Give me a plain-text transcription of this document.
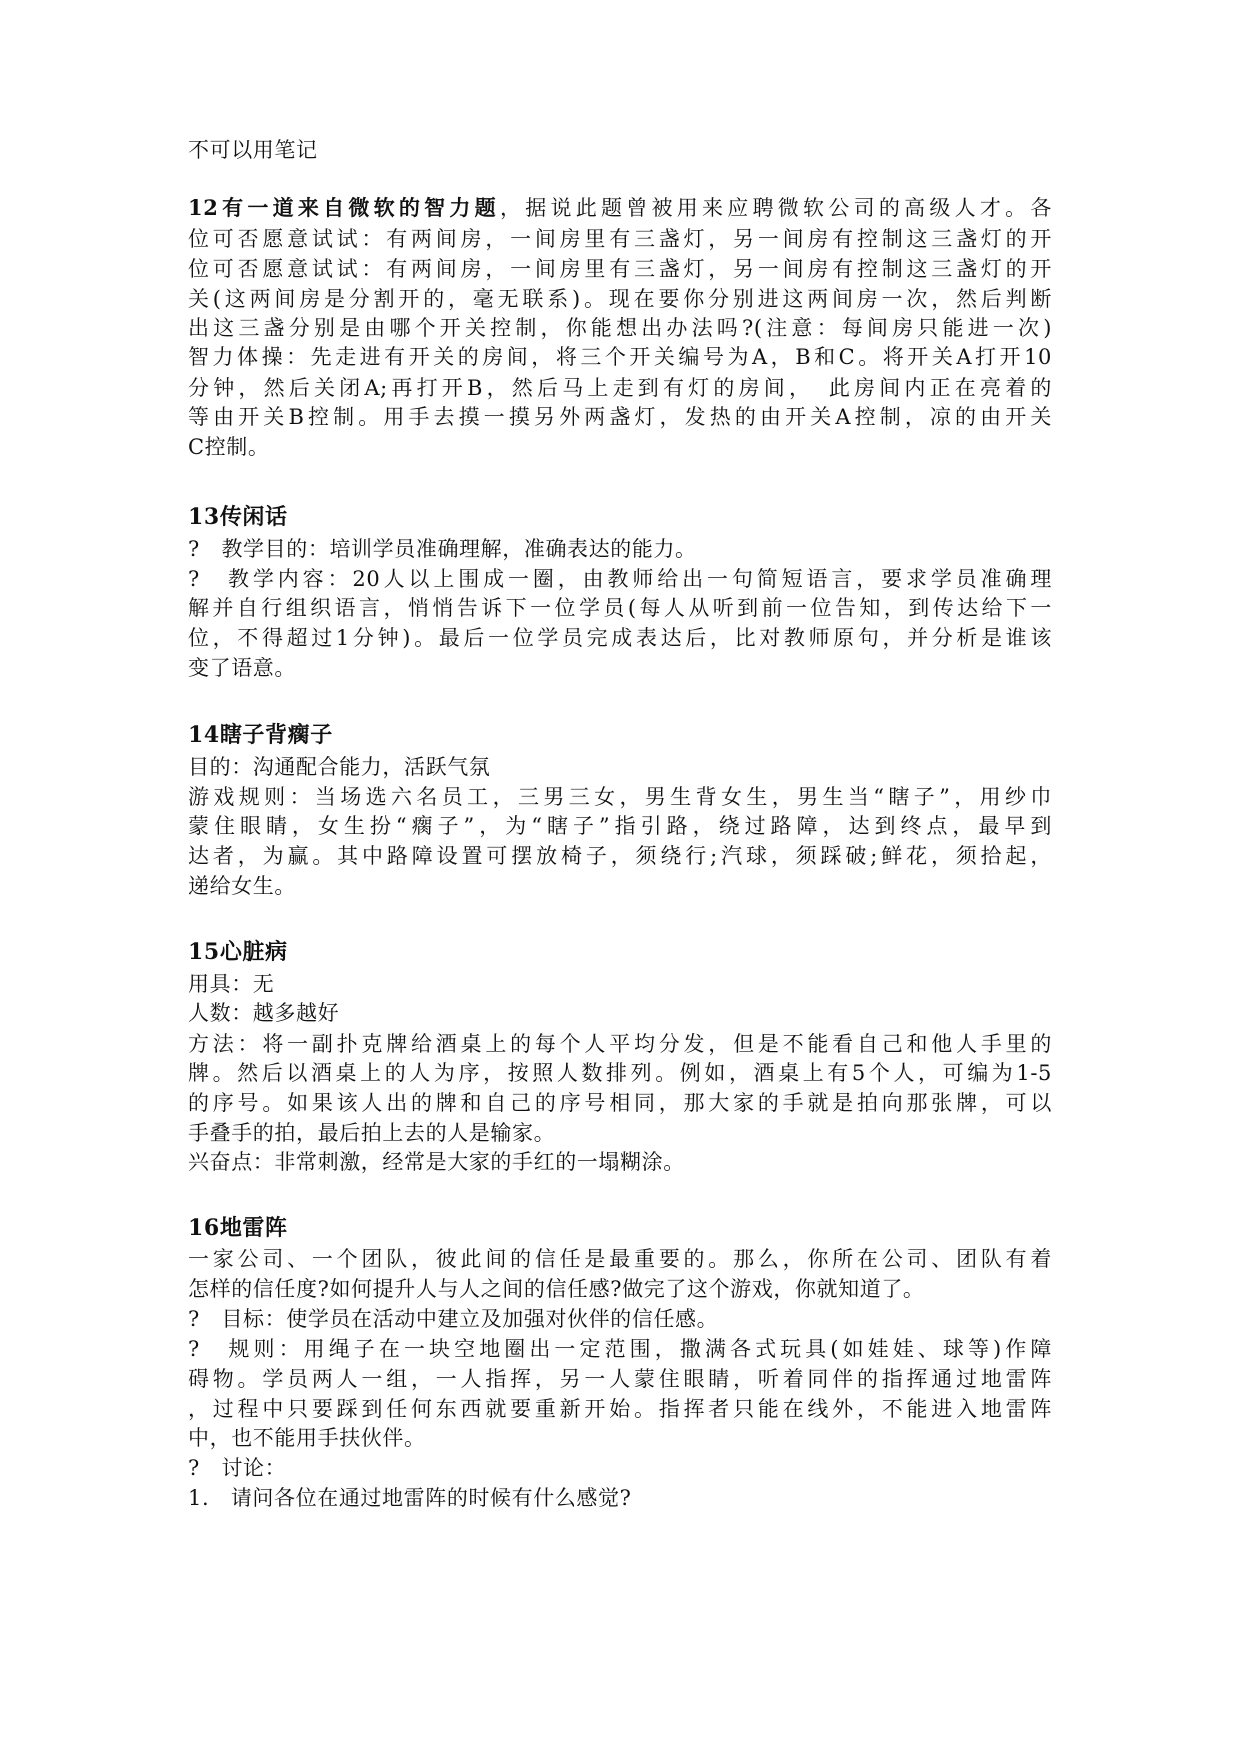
不可以用笔记
12有一道来自微软的智力题，据说此题曾被用来应聘微软公司的高级人才。各
位可否愿意试试：有两间房，一间房里有三盏灯，另一间房有控制这三盏灯的开
位可否愿意试试：有两间房，一间房里有三盏灯，另一间房有控制这三盏灯的开
关(这两间房是分割开的，毫无联系)。现在要你分别进这两间房一次，然后判断
出这三盏分别是由哪个开关控制，你能想出办法吗?(注意：每间房只能进一次)
智力体操：先走进有开关的房间，将三个开关编号为A，B和C。将开关A打开10
分钟，然后关闭A;再打开B，然后马上走到有灯的房间，　此房间内正在亮着的
等由开关B控制。用手去摸一摸另外两盏灯，发热的由开关A控制，凉的由开关
C控制。
13传闲话
?　教学目的：培训学员准确理解，准确表达的能力。
?　教学内容：20人以上围成一圈，由教师给出一句简短语言，要求学员准确理
解并自行组织语言，悄悄告诉下一位学员(每人从听到前一位告知，到传达给下一
位，不得超过1分钟)。最后一位学员完成表达后，比对教师原句，并分析是谁该
变了语意。
14瞎子背瘸子
目的：沟通配合能力，活跃气氛
游戏规则：当场选六名员工，三男三女，男生背女生，男生当“瞎子”，用纱巾
蒙住眼睛，女生扮“瘸子”，为“瞎子”指引路，绕过路障，达到终点，最早到
达者，为赢。其中路障设置可摆放椅子，须绕行;汽球，须踩破;鲜花，须拾起，
递给女生。
15心脏病
用具：无
人数：越多越好
方法：将一副扑克牌给酒桌上的每个人平均分发，但是不能看自己和他人手里的
牌。然后以酒桌上的人为序，按照人数排列。例如，酒桌上有5个人，可编为1-5
的序号。如果该人出的牌和自己的序号相同，那大家的手就是拍向那张牌，可以
手叠手的拍，最后拍上去的人是输家。
兴奋点：非常刺激，经常是大家的手红的一塌糊涂。
16地雷阵
一家公司、一个团队，彼此间的信任是最重要的。那么，你所在公司、团队有着
怎样的信任度?如何提升人与人之间的信任感?做完了这个游戏，你就知道了。
?　目标：使学员在活动中建立及加强对伙伴的信任感。
?　规则：用绳子在一块空地圈出一定范围，撒满各式玩具(如娃娃、球等)作障
碍物。学员两人一组，一人指挥，另一人蒙住眼睛，听着同伴的指挥通过地雷阵
，过程中只要踩到任何东西就要重新开始。指挥者只能在线外，不能进入地雷阵
中，也不能用手扶伙伴。
?　讨论：
1.　请问各位在通过地雷阵的时候有什么感觉?
